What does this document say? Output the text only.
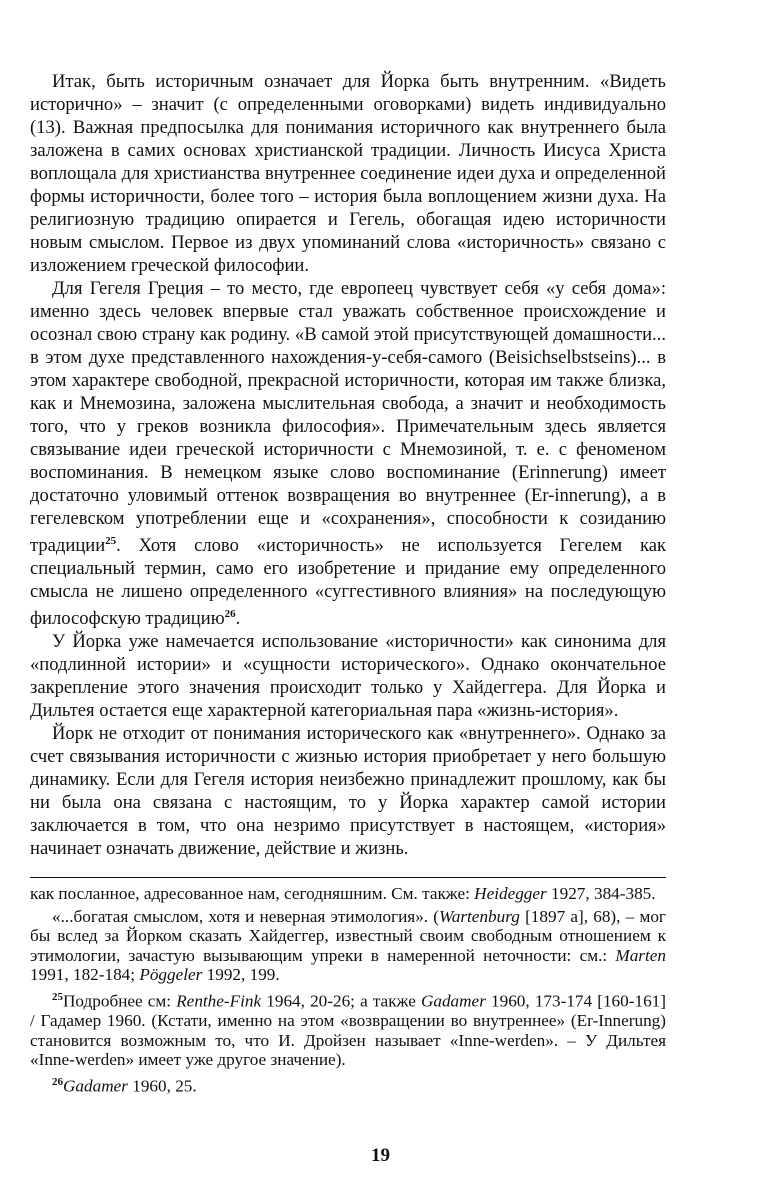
Итак, быть историчным означает для Йорка быть внутренним. «Видеть исторично» – значит (с определенными оговорками) видеть индивидуально (13). Важная предпосылка для понимания историчного как внутреннего была заложена в самих основах христианской традиции. Личность Иисуса Христа воплощала для христианства внутреннее соединение идеи духа и определенной формы историчности, более того – история была воплощением жизни духа. На религиозную традицию опирается и Гегель, обогащая идею историчности новым смыслом. Первое из двух упоминаний слова «историчность» связано с изложением греческой философии.

Для Гегеля Греция – то место, где европеец чувствует себя «у себя дома»: именно здесь человек впервые стал уважать собственное происхождение и осознал свою страну как родину. «В самой этой присутствующей домашности... в этом духе представленного нахождения-у-себя-самого (Beisichselbstseins)... в этом характере свободной, прекрасной историчности, которая им также близка, как и Мнемозина, заложена мыслительная свобода, а значит и необходимость того, что у греков возникла философия». Примечательным здесь является связывание идеи греческой историчности с Мнемозиной, т. е. с феноменом воспоминания. В немецком языке слово воспоминание (Erinnerung) имеет достаточно уловимый оттенок возвращения во внутреннее (Er-innerung), а в гегелевском употреблении еще и «сохранения», способности к созиданию традиции$^{25}$. Хотя слово «историчность» не используется Гегелем как специальный термин, само его изобретение и придание ему определенного смысла не лишено определенного «суггестивного влияния» на последующую философскую традицию$^{26}$.

У Йорка уже намечается использование «историчности» как синонима для «подлинной истории» и «сущности исторического». Однако окончательное закрепление этого значения происходит только у Хайдеггера. Для Йорка и Дильтея остается еще характерной категориальная пара «жизнь-история».

Йорк не отходит от понимания исторического как «внутреннего». Однако за счет связывания историчности с жизнью история приобретает у него большую динамику. Если для Гегеля история неизбежно принадлежит прошлому, как бы ни была она связана с настоящим, то у Йорка характер самой истории заключается в том, что она незримо присутствует в настоящем, «история» начинает означать движение, действие и жизнь.

как посланное, адресованное нам, сегодняшним. См. также: Heidegger 1927, 384-385.

«...богатая смыслом, хотя и неверная этимология». (Wartenburg [1897 a], 68), – мог бы вслед за Йорком сказать Хайдеггер, известный своим свободным отношением к этимологии, зачастую вызывающим упреки в намеренной неточности: см.: Marten 1991, 182-184; Pöggeler 1992, 199.

$^{25}$Подробнее см: Renthe-Fink 1964, 20-26; а также Gadamer 1960, 173-174 [160-161] / Гадамер 1960. (Кстати, именно на этом «возвращении во внутреннее» (Er-Innerung) становится возможным то, что И. Дройзен называет «Inne-werden». – У Дильтея «Inne-werden» имеет уже другое значение).

$^{26}$Gadamer 1960, 25.

19
